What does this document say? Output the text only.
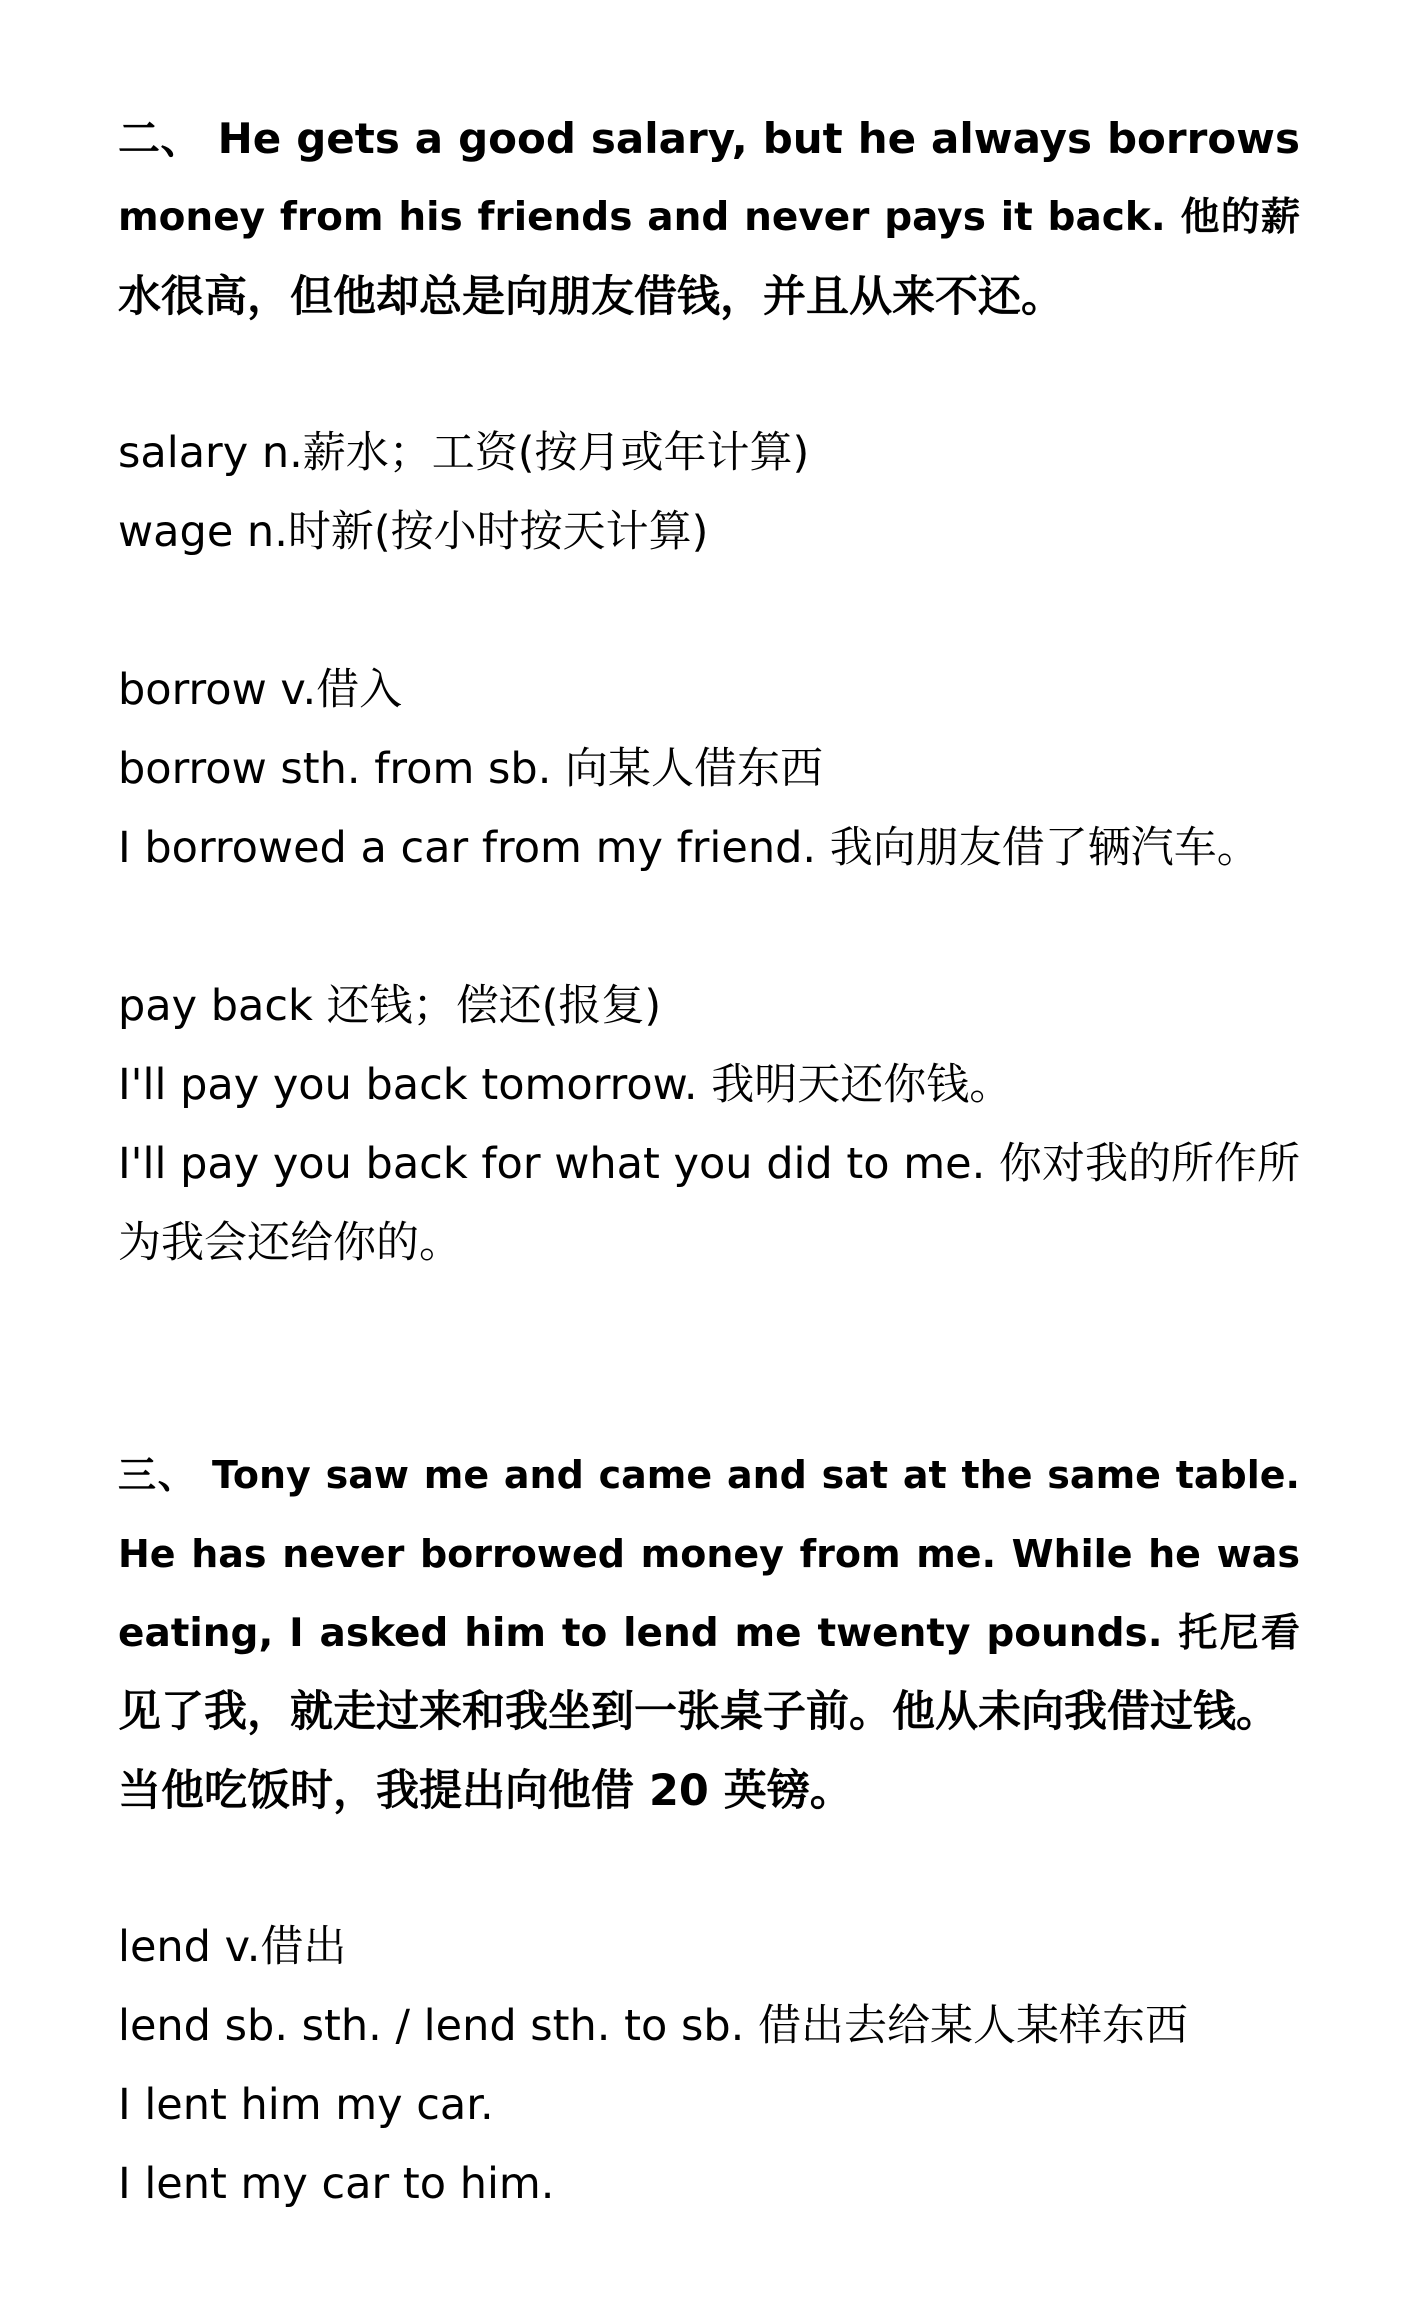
二、 He gets a good salary, but he always borrows
money from his friends and never pays it back. 他的薪
水很高，但他却总是向朋友借钱，并且从来不还。
salary n.薪水；工资(按月或年计算)
wage n.时新(按小时按天计算)
borrow v.借入
borrow sth. from sb. 向某人借东西
I borrowed a car from my friend. 我向朋友借了辆汽车。
pay back 还钱；偿还(报复)
I'll pay you back tomorrow. 我明天还你钱。
I'll pay you back for what you did to me. 你对我的所作所
为我会还给你的。
三、 Tony saw me and came and sat at the same table.
He has never borrowed money from me. While he was
eating, I asked him to lend me twenty pounds. 托尼看
见了我，就走过来和我坐到一张桌子前。他从未向我借过钱。
当他吃饭时，我提出向他借 20 英镑。
lend v.借出
lend sb. sth. / lend sth. to sb. 借出去给某人某样东西
I lent him my car.
I lent my car to him.
